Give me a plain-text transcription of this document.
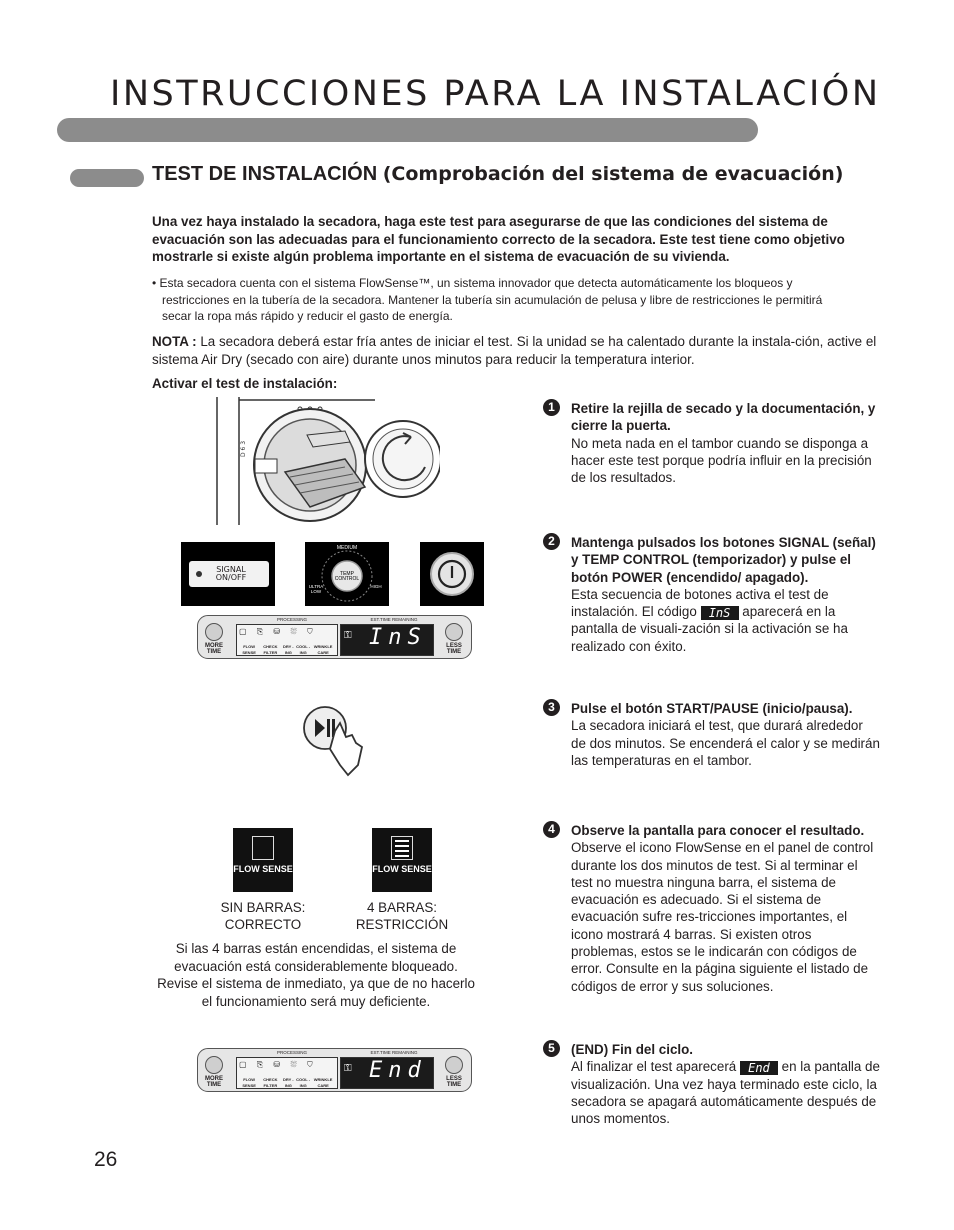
INSTRUCCIONES PARA LA INSTALACIÓN
TEST DE INSTALACIÓN (Comprobación del sistema de evacuación)
Una vez haya instalado la secadora, haga este test para asegurarse de que las condiciones del sistema de evacuación son las adecuadas para el funcionamiento correcto de la secadora. Este test tiene como objetivo mostrarle si existe algún problema importante en el sistema de evacuación de su vivienda.
• Esta secadora cuenta con el sistema FlowSense™, un sistema innovador que detecta automáticamente los bloqueos y
restricciones en la tubería de la secadora. Mantener la tubería sin acumulación de pelusa y libre de restricciones le permitirá
secar la ropa más rápido y reducir el gasto de energía.
NOTA : La secadora deberá estar fría antes de iniciar el test. Si la unidad se ha calentado durante la instala-ción, active el sistema Air Dry (secado con aire) durante unos minutos para reducir la temperatura interior.
Activar el test de instalación:
D 6 3
SIGNAL ON/OFF
MEDIUM
TEMP CONTROL
ULTRA LOW
HIGH
MORE TIME
LESS TIME
PROCESSING	EST.TIME REMAINING
▢ ⎘ ⛁ ⛆ ⛉
FLOW SENSE
CHECK FILTER
DRY -ING
COOL -ING
WRINKLE CARE
⚿ InS
FLOW SENSE	FLOW SENSE
SIN BARRAS: CORRECTO
4 BARRAS: RESTRICCIÓN
Si las 4 barras están encendidas, el sistema de evacuación está considerablemente bloqueado. Revise el sistema de inmediato, ya que de no hacerlo el funcionamiento será muy deficiente.
MORE TIME
LESS TIME
PROCESSING	EST.TIME REMAINING
▢ ⎘ ⛁ ⛆ ⛉
FLOW SENSE
CHECK FILTER
DRY -ING
COOL -ING
WRINKLE CARE
⚿ End
1	Retire la rejilla de secado y la documentación, y cierre la puerta.
No meta nada en el tambor cuando se disponga a hacer este test porque podría influir en la precisión de los resultados.
2	Mantenga pulsados los botones SIGNAL (señal) y TEMP CONTROL (temporizador) y pulse el botón POWER (encendido/ apagado).
Esta secuencia de botones activa el test de instalación. El código InS aparecerá en la pantalla de visuali-zación si la activación se ha realizado con éxito.
3	Pulse el botón START/PAUSE (inicio/pausa).
La secadora iniciará el test, que durará alrededor de dos minutos. Se encenderá el calor y se medirán las temperaturas en el tambor.
4	Observe la pantalla para conocer el resultado.
Observe el icono FlowSense en el panel de control durante los dos minutos de test. Si al terminar el test no muestra ninguna barra, el sistema de evacuación es adecuado. Si el sistema de evacuación sufre res-tricciones importantes, el icono mostrará 4 barras. Si existen otros problemas, estos se le indicarán con códigos de error. Consulte en la página siguiente el listado de códigos de error y sus soluciones.
5	(END) Fin del ciclo.
Al finalizar el test aparecerá End en la pantalla de visualización. Una vez haya terminado este ciclo, la secadora se apagará automáticamente después de unos momentos.
26
